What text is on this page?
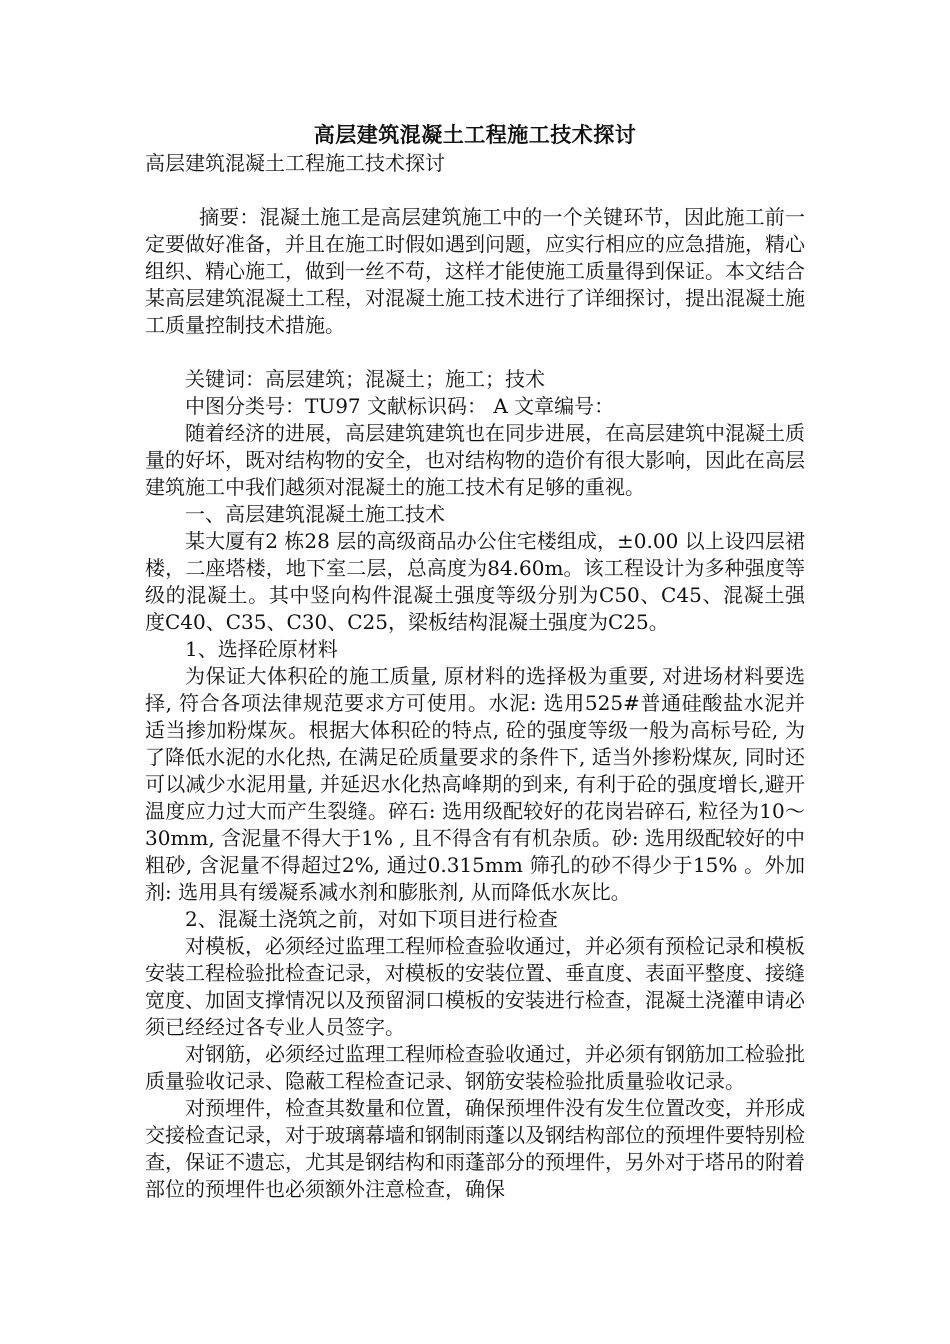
高层建筑混凝土工程施工技术探讨

高层建筑混凝土工程施工技术探讨

摘要：混凝土施工是高层建筑施工中的一个关键环节，因此施工前一定要做好准备，并且在施工时假如遇到问题，应实行相应的应急措施，精心组织、精心施工，做到一丝不苟，这样才能使施工质量得到保证。本文结合某高层建筑混凝土工程，对混凝土施工技术进行了详细探讨，提出混凝土施工质量控制技术措施。

关键词：高层建筑；混凝土；施工；技术

中图分类号：TU97 文献标识码： A 文章编号：

随着经济的进展，高层建筑建筑也在同步进展，在高层建筑中混凝土质量的好坏，既对结构物的安全，也对结构物的造价有很大影响，因此在高层建筑施工中我们越须对混凝土的施工技术有足够的重视。

一、高层建筑混凝土施工技术

某大厦有2 栋28 层的高级商品办公住宅楼组成，±0.00 以上设四层裙楼，二座塔楼，地下室二层，总高度为84.60m。该工程设计为多种强度等级的混凝土。其中竖向构件混凝土强度等级分别为C50、C45、混凝土强度C40、C35、C30、C25，梁板结构混凝土强度为C25。

1、选择砼原材料

为保证大体积砼的施工质量, 原材料的选择极为重要, 对进场材料要选择, 符合各项法律规范要求方可使用。水泥: 选用525#普通硅酸盐水泥并适当掺加粉煤灰。根据大体积砼的特点, 砼的强度等级一般为高标号砼, 为了降低水泥的水化热, 在满足砼质量要求的条件下, 适当外掺粉煤灰, 同时还可以减少水泥用量, 并延迟水化热高峰期的到来, 有利于砼的强度增长,避开温度应力过大而产生裂缝。碎石: 选用级配较好的花岗岩碎石, 粒径为10～30mm, 含泥量不得大于1% , 且不得含有有机杂质。砂: 选用级配较好的中粗砂, 含泥量不得超过2%, 通过0.315mm 筛孔的砂不得少于15% 。外加剂: 选用具有缓凝系减水剂和膨胀剂, 从而降低水灰比。

2、混凝土浇筑之前，对如下项目进行检查

对模板，必须经过监理工程师检查验收通过，并必须有预检记录和模板安装工程检验批检查记录，对模板的安装位置、垂直度、表面平整度、接缝宽度、加固支撑情况以及预留洞口模板的安装进行检查，混凝土浇灌申请必须已经经过各专业人员签字。

对钢筋，必须经过监理工程师检查验收通过，并必须有钢筋加工检验批质量验收记录、隐蔽工程检查记录、钢筋安装检验批质量验收记录。

对预埋件，检查其数量和位置，确保预埋件没有发生位置改变，并形成交接检查记录，对于玻璃幕墙和钢制雨蓬以及钢结构部位的预埋件要特别检查，保证不遗忘，尤其是钢结构和雨蓬部分的预埋件，另外对于塔吊的附着部位的预埋件也必须额外注意检查，确保
